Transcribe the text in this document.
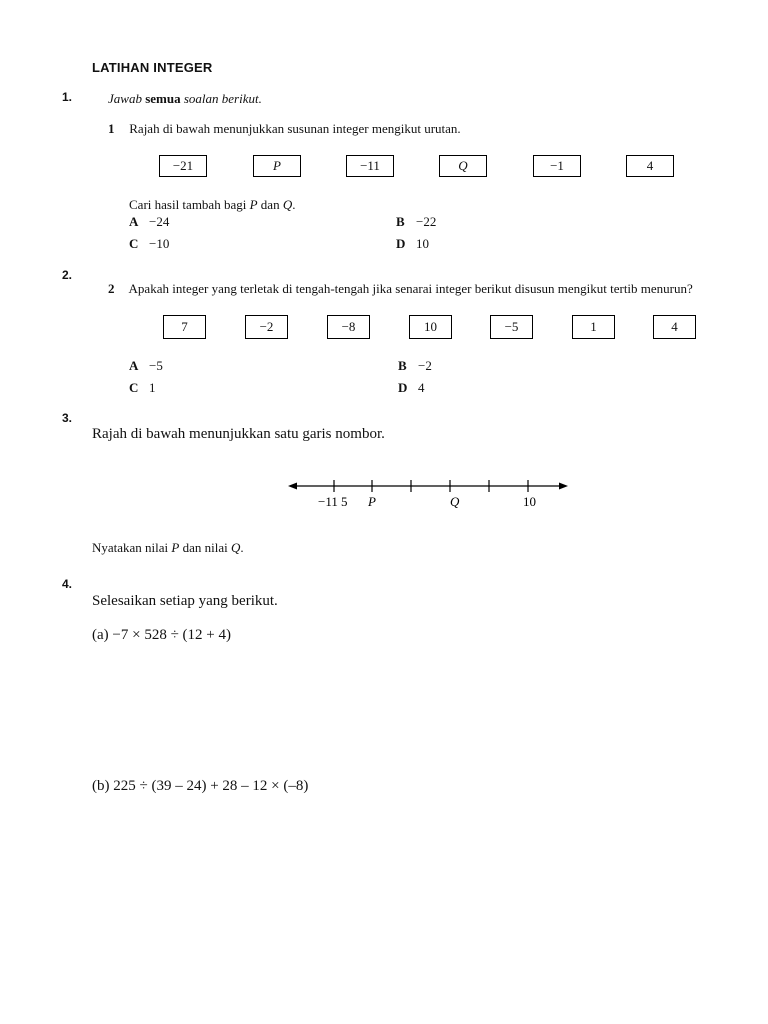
LATIHAN INTEGER
1.	Jawab semua soalan berikut.
1 Rajah di bawah menunjukkan susunan integer mengikut urutan.
−21	P	−11	Q	−1	4
Cari hasil tambah bagi P dan Q.
A −24	B −22
C −10	D 10
2.
2 Apakah integer yang terletak di tengah-tengah jika senarai integer berikut disusun mengikut tertib menurun?
7	−2	−8	10	−5	1	4
A −5	B −2
C 1	D 4
3.
Rajah di bawah menunjukkan satu garis nombor.
−11 5 P	Q	10
Nyatakan nilai P dan nilai Q.
4.
Selesaikan setiap yang berikut.
(a) −7 × 528 ÷ (12 + 4)
(b) 225 ÷ (39 – 24) + 28 – 12 × (–8)
